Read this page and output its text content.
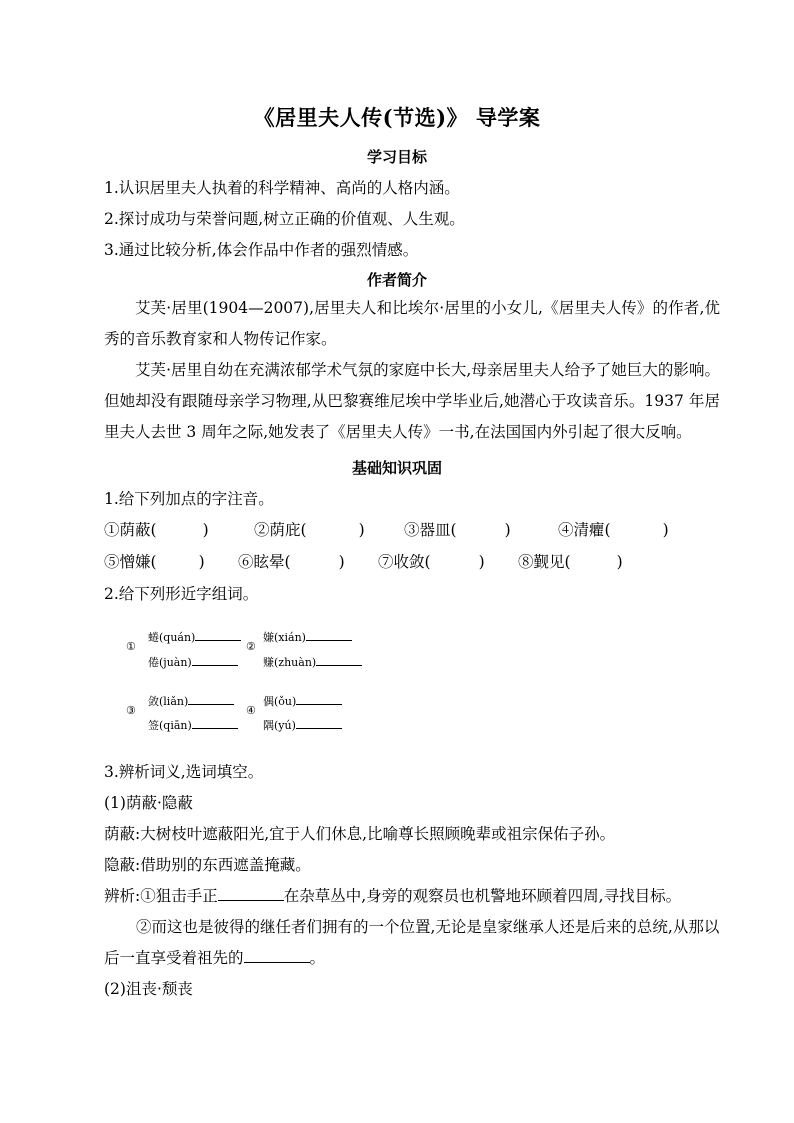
《居里夫人传(节选)》 导学案
学习目标
1.认识居里夫人执着的科学精神、高尚的人格内涵。
2.探讨成功与荣誉问题,树立正确的价值观、人生观。
3.通过比较分析,体会作品中作者的强烈情感。
作者简介

艾芙·居里(1904—2007),居里夫人和比埃尔·居里的小女儿,《居里夫人传》的作者,优秀的音乐教育家和人物传记作家。

艾芙·居里自幼在充满浓郁学术气氛的家庭中长大,母亲居里夫人给予了她巨大的影响。但她却没有跟随母亲学习物理,从巴黎赛维尼埃中学毕业后,她潜心于攻读音乐。1937 年居里夫人去世 3 周年之际,她发表了《居里夫人传》一书,在法国国内外引起了很大反响。

基础知识巩固
1.给下列加点的字注音。
①荫蔽(	)	②荫庇(	)	③器皿(	)	④清癯(	)
⑤憎嫌(	) ⑥眩晕(	) ⑦收敛(	) ⑧觐见(	)
2.给下列形近字组词。
①
蜷(quán)
倦(juàn)
②
嫌(xián)
赚(zhuàn)
③
敛(liǎn)
签(qiān)
④
偶(ǒu)
隅(yú)
3.辨析词义,选词填空。
(1)荫蔽·隐蔽
荫蔽:大树枝叶遮蔽阳光,宜于人们休息,比喻尊长照顾晚辈或祖宗保佑子孙。
隐蔽:借助别的东西遮盖掩藏。
辨析:①狙击手正	在杂草丛中,身旁的观察员也机警地环顾着四周,寻找目标。
②而这也是彼得的继任者们拥有的一个位置,无论是皇家继承人还是后来的总统,从那以
后一直享受着祖先的	。
(2)沮丧·颓丧
